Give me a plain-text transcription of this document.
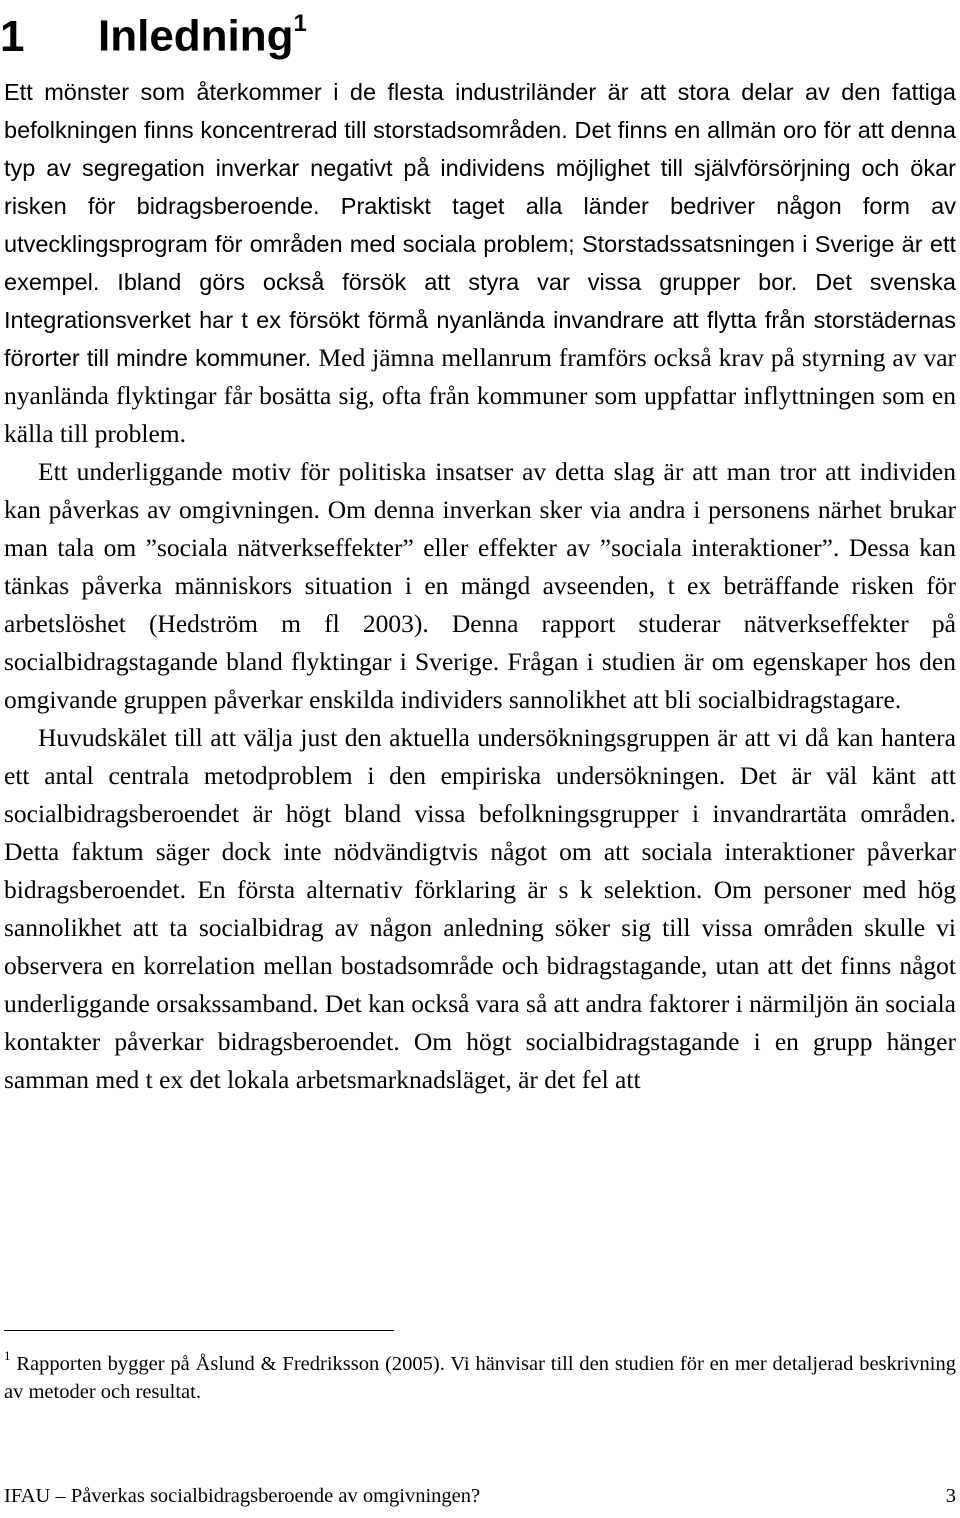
1 Inledning$^1$

Ett mönster som återkommer i de flesta industriländer är att stora delar av den fattiga befolkningen finns koncentrerad till storstadsområden. Det finns en allmän oro för att denna typ av segregation inverkar negativt på individens möjlighet till självförsörjning och ökar risken för bidragsberoende. Praktiskt taget alla länder bedriver någon form av utvecklingsprogram för områden med sociala problem; Storstadssatsningen i Sverige är ett exempel. Ibland görs också försök att styra var vissa grupper bor. Det svenska Integrationsverket har t ex försökt förmå nyanlända invandrare att flytta från storstädernas förorter till mindre kommuner. Med jämna mellanrum framförs också krav på styrning av var nyanlända flyktingar får bosätta sig, ofta från kommuner som uppfattar inflyttningen som en källa till problem.

Ett underliggande motiv för politiska insatser av detta slag är att man tror att individen kan påverkas av omgivningen. Om denna inverkan sker via andra i personens närhet brukar man tala om ”sociala nätverkseffekter” eller effekter av ”sociala interaktioner”. Dessa kan tänkas påverka människors situation i en mängd avseenden, t ex beträffande risken för arbetslöshet (Hedström m fl 2003). Denna rapport studerar nätverkseffekter på socialbidragstagande bland flyktingar i Sverige. Frågan i studien är om egenskaper hos den omgivande gruppen påverkar enskilda individers sannolikhet att bli socialbidragstagare.

Huvudskälet till att välja just den aktuella undersökningsgruppen är att vi då kan hantera ett antal centrala metodproblem i den empiriska undersökningen. Det är väl känt att socialbidragsberoendet är högt bland vissa befolkningsgrupper i invandrartäta områden. Detta faktum säger dock inte nödvändigtvis något om att sociala interaktioner påverkar bidragsberoendet. En första alternativ förklaring är s k selektion. Om personer med hög sannolikhet att ta socialbidrag av någon anledning söker sig till vissa områden skulle vi observera en korrelation mellan bostadsområde och bidragstagande, utan att det finns något underliggande orsakssamband. Det kan också vara så att andra faktorer i närmiljön än sociala kontakter påverkar bidragsberoendet. Om högt socialbidragstagande i en grupp hänger samman med t ex det lokala arbetsmarknadsläget, är det fel att

$^1$ Rapporten bygger på Åslund & Fredriksson (2005). Vi hänvisar till den studien för en mer detaljerad beskrivning av metoder och resultat.

IFAU – Påverkas socialbidragsberoende av omgivningen?	3
